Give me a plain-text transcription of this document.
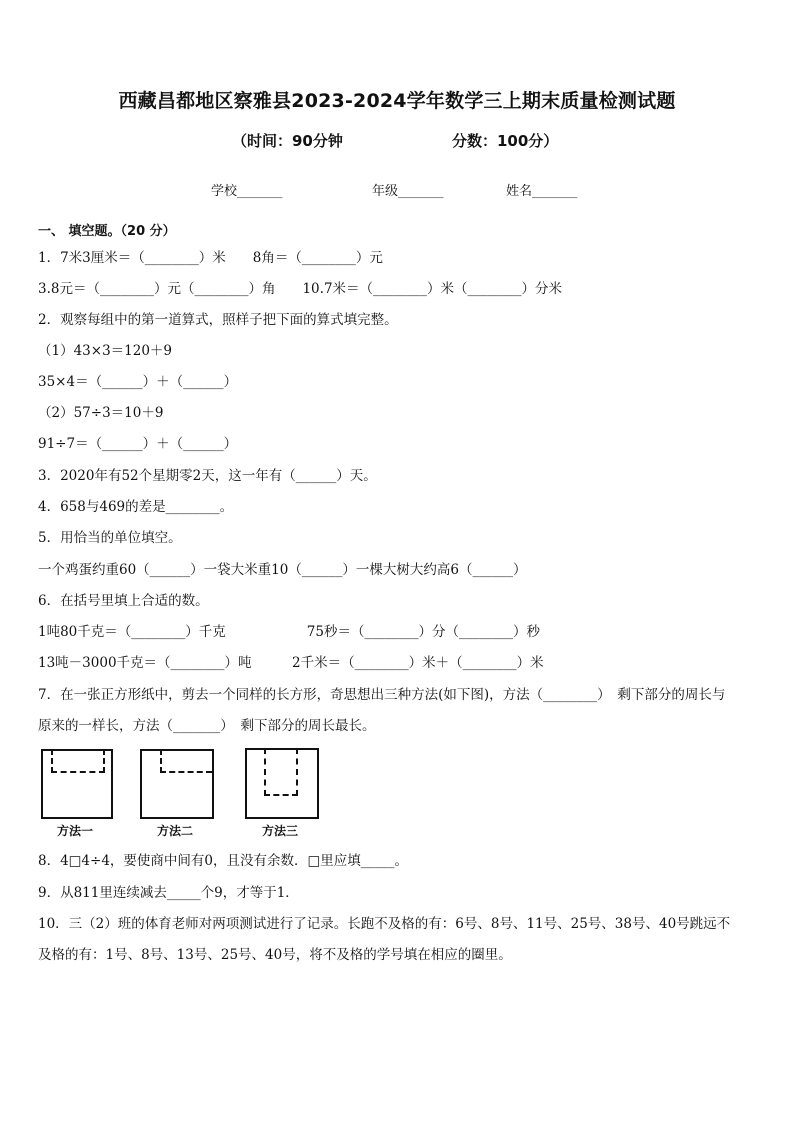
西藏昌都地区察雅县2023-2024学年数学三上期末质量检测试题
（时间：90分钟	分数：100分）
学校_______	年级_______	姓名_______
一、 填空题。（20 分）
1．7米3厘米＝（________）米　　8角＝（________）元
3.8元＝（________）元（________）角　　10.7米＝（________）米（________）分米
2．观察每组中的第一道算式，照样子把下面的算式填完整。
（1）43×3＝120＋9
35×4＝（______）＋（______）
（2）57÷3＝10＋9
91÷7＝（______）＋（______）
3．2020年有52个星期零2天，这一年有（______）天。
4．658与469的差是________。
5．用恰当的单位填空。
一个鸡蛋约重60（______）一袋大米重10（______）一棵大树大约高6（______）
6．在括号里填上合适的数。
1吨80千克＝（________）千克　　　　　　75秒＝（________）分（________）秒
13吨－3000千克＝（________）吨　　　2千米＝（________）米＋（________）米
7．在一张正方形纸中，剪去一个同样的长方形，奇思想出三种方法(如下图)，方法（________）　剩下部分的周长与
原来的一样长，方法（_______）　剩下部分的周长最长。
方法一	方法二	方法三
8．4□4÷4，要使商中间有0，且没有余数．□里应填_____。
9．从811里连续减去_____个9，才等于1．
10．三（2）班的体育老师对两项测试进行了记录。长跑不及格的有：6号、8号、11号、25号、38号、40号跳远不
及格的有：1号、8号、13号、25号、40号，将不及格的学号填在相应的圈里。
